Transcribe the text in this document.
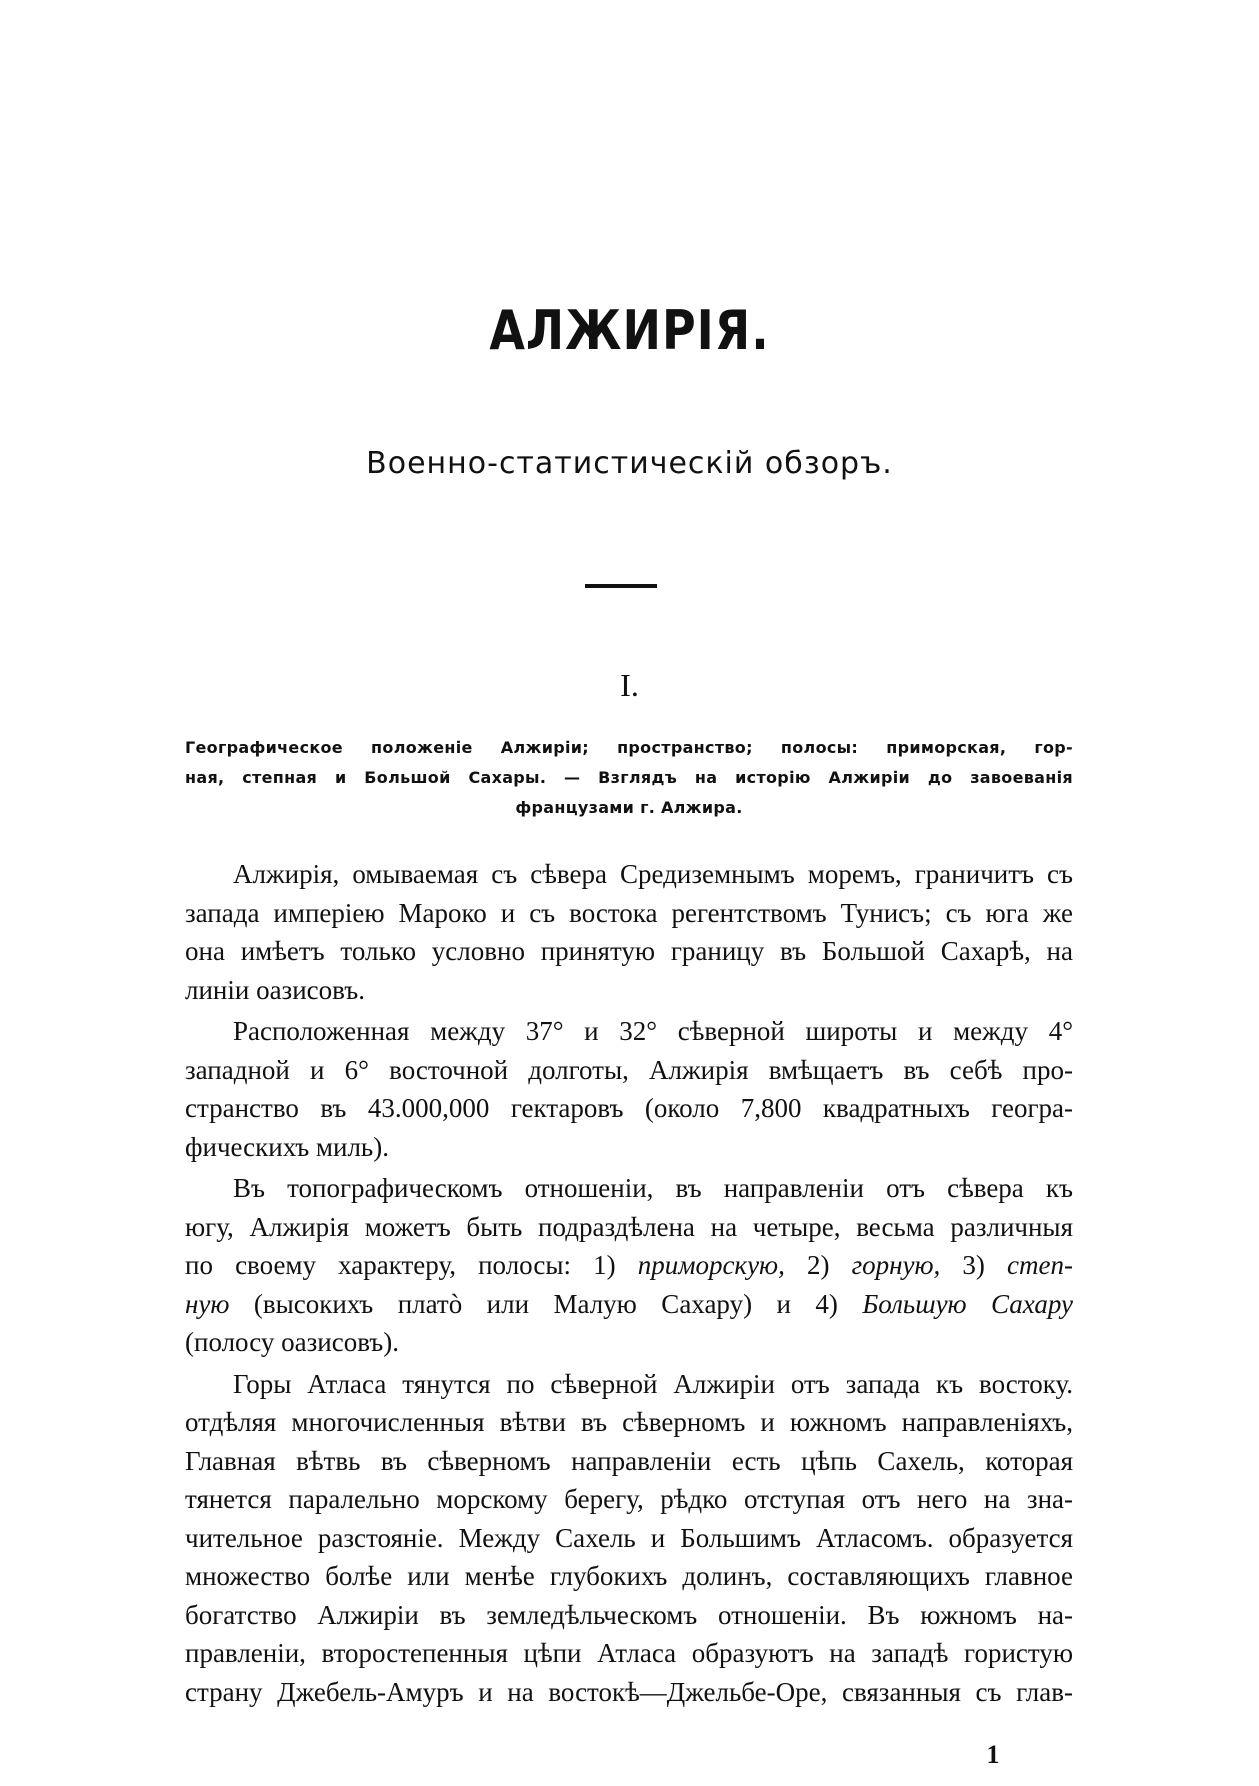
АЛЖИРІЯ.
Военно-статистическій обзоръ.
I.
Географическое положеніе Алжиріи; пространство; полосы: приморская, гор-
ная, степная и Большой Сахары. — Взглядъ на исторію Алжиріи до завоеванія
французами г. Алжира.
Алжирія, омываемая съ сѣвера Средиземнымъ моремъ, граничитъ съ
запада имперіею Мароко и съ востока регентствомъ Тунисъ; съ юга же
она имѣетъ только условно принятую границу въ Большой Сахарѣ, на
линіи оазисовъ.
Расположенная между 37° и 32° сѣверной широты и между 4°
западной и 6° восточной долготы, Алжирія вмѣщаетъ въ себѣ про-
странство въ 43.000,000 гектаровъ (около 7,800 квадратныхъ геогра-
фическихъ миль).
Въ топографическомъ отношеніи, въ направленіи отъ сѣвера къ
югу, Алжирія можетъ быть подраздѣлена на четыре, весьма различныя
по своему характеру, полосы: 1) приморскую, 2) горную, 3) степ-
ную (высокихъ платò или Малую Сахару) и 4) Большую Сахару
(полосу оазисовъ).
Горы Атласа тянутся по сѣверной Алжиріи отъ запада къ востоку.
отдѣляя многочисленныя вѣтви въ сѣверномъ и южномъ направленіяхъ,
Главная вѣтвь въ сѣверномъ направленіи есть цѣпь Сахель, которая
тянется паралельно морскому берегу, рѣдко отступая отъ него на зна-
чительное разстояніе. Между Сахель и Большимъ Атласомъ. образуется
множество болѣе или менѣе глубокихъ долинъ, составляющихъ главное
богатство Алжиріи въ земледѣльческомъ отношеніи. Въ южномъ на-
правленіи, второстепенныя цѣпи Атласа образуютъ на западѣ гористую
страну Джебель-Амуръ и на востокѣ—Джельбе-Оре, связанныя съ глав-
1
